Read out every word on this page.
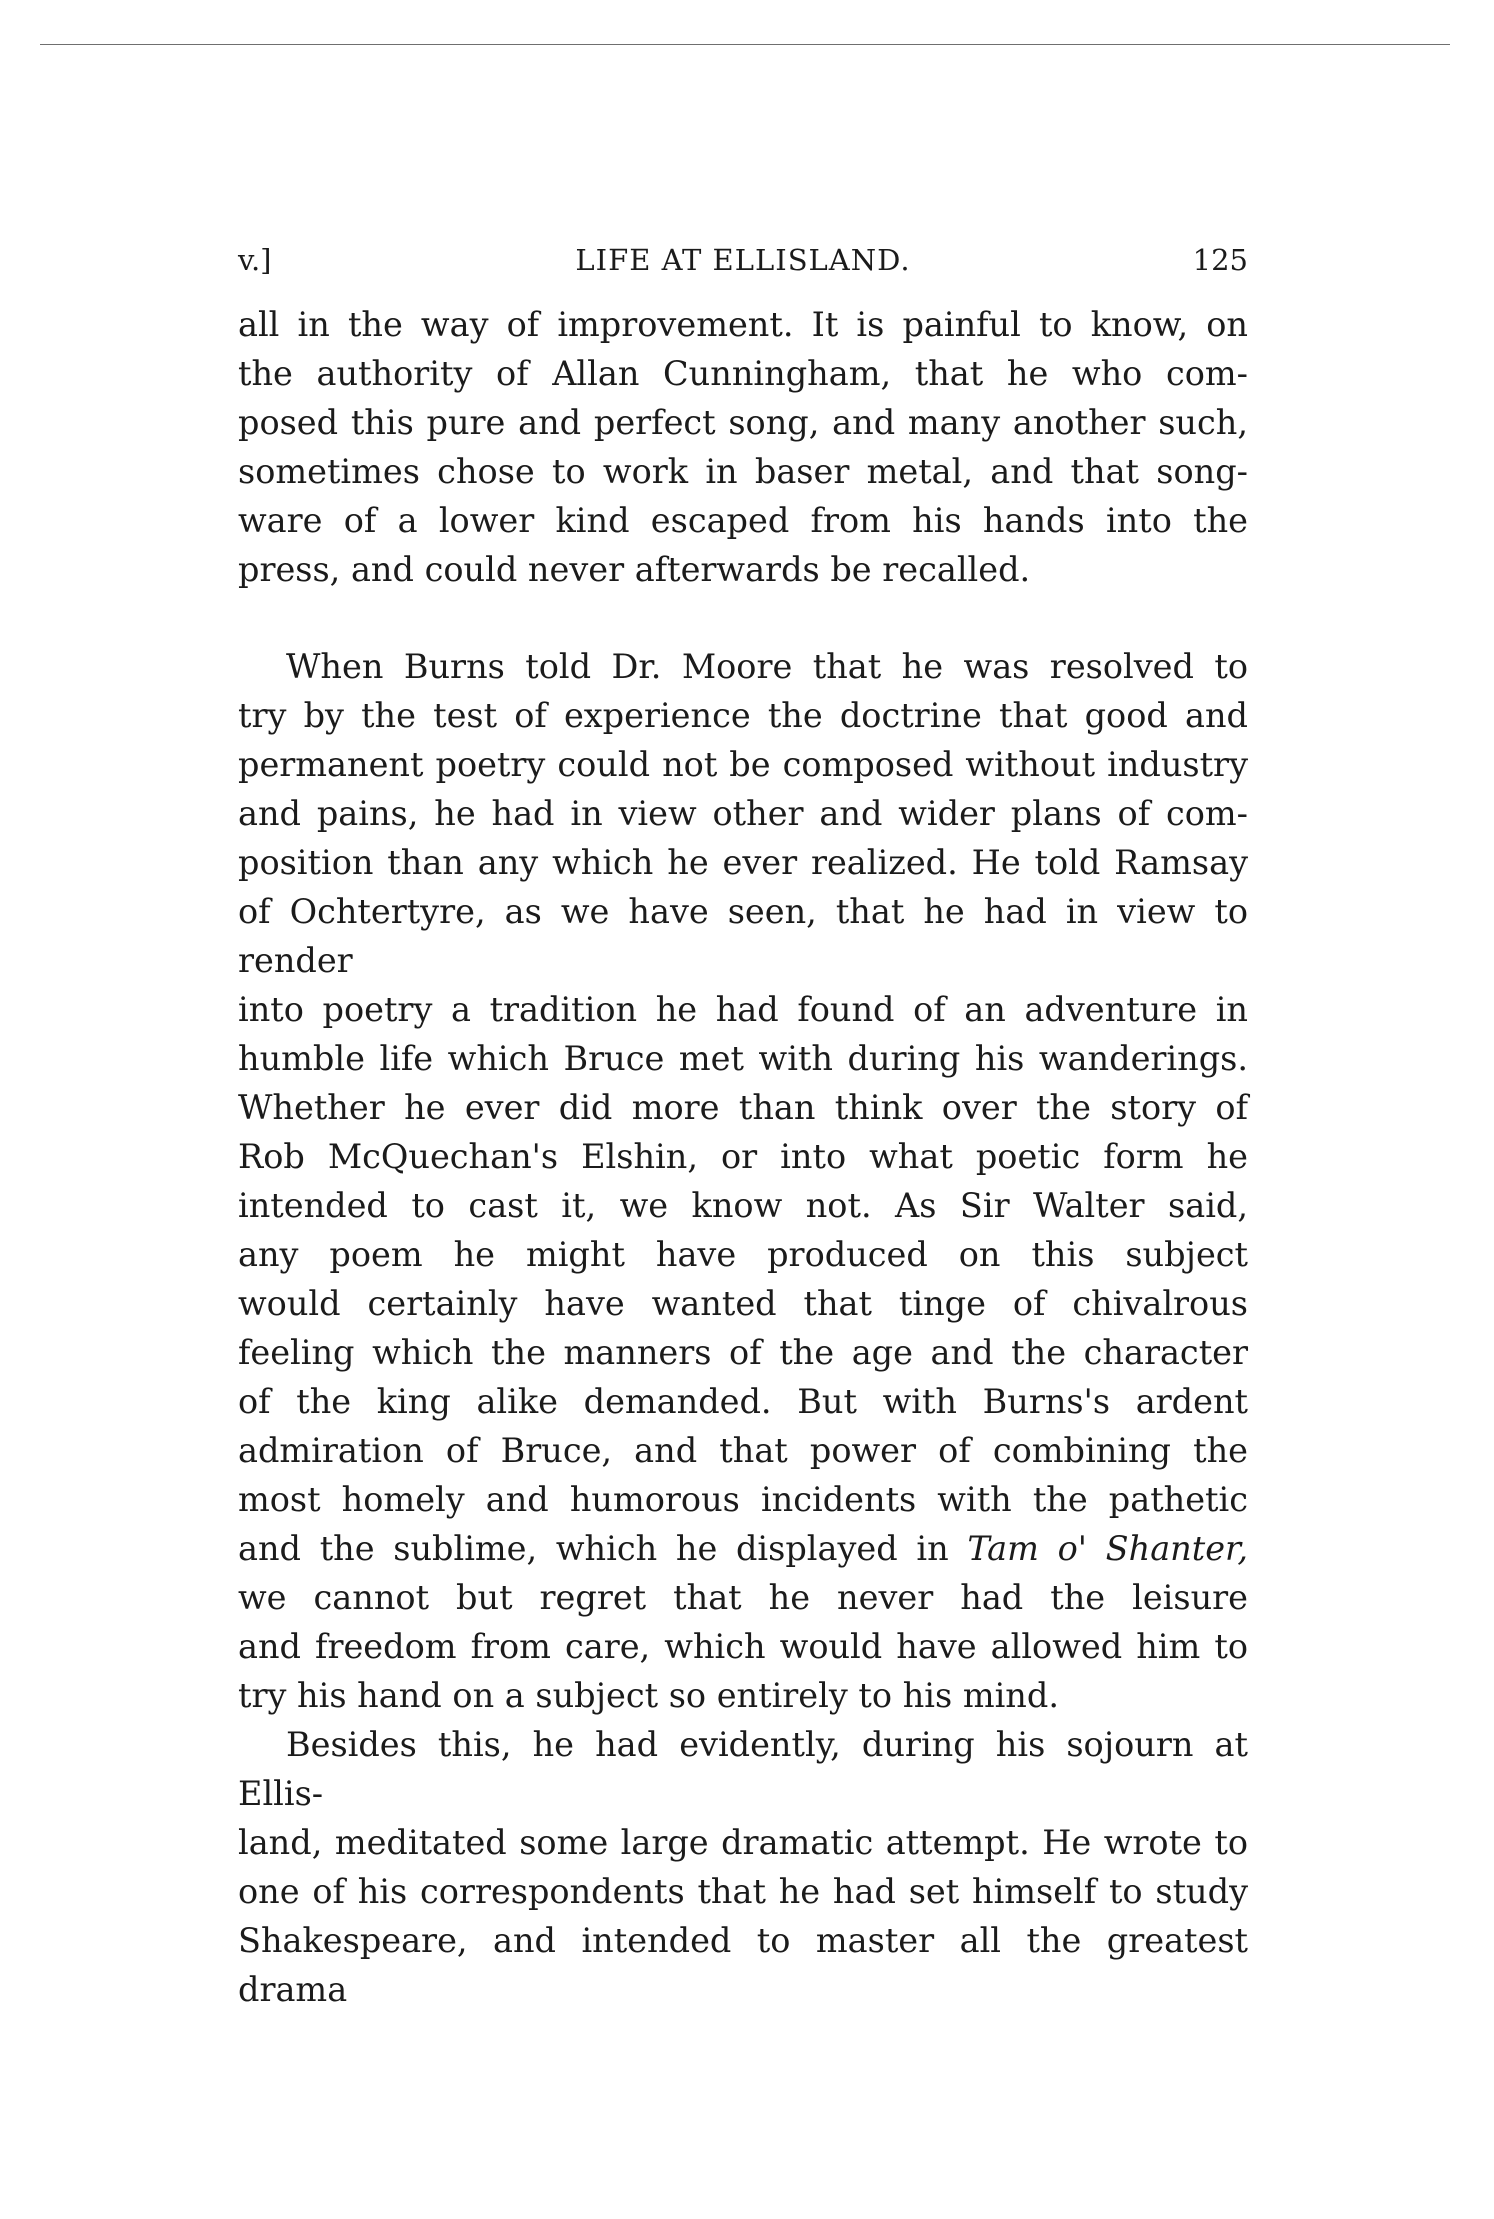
v.]	LIFE AT ELLISLAND.	125

all in the way of improvement. It is painful to know, on
the authority of Allan Cunningham, that he who com-
posed this pure and perfect song, and many another such,
sometimes chose to work in baser metal, and that song-
ware of a lower kind escaped from his hands into the
press, and could never afterwards be recalled.

When Burns told Dr. Moore that he was resolved to
try by the test of experience the doctrine that good and
permanent poetry could not be composed without industry
and pains, he had in view other and wider plans of com-
position than any which he ever realized. He told Ramsay
of Ochtertyre, as we have seen, that he had in view to render
into poetry a tradition he had found of an adventure in
humble life which Bruce met with during his wanderings.
Whether he ever did more than think over the story of
Rob McQuechan's Elshin, or into what poetic form he
intended to cast it, we know not. As Sir Walter said,
any poem he might have produced on this subject
would certainly have wanted that tinge of chivalrous
feeling which the manners of the age and the character
of the king alike demanded. But with Burns's ardent
admiration of Bruce, and that power of combining the
most homely and humorous incidents with the pathetic
and the sublime, which he displayed in Tam o' Shanter,
we cannot but regret that he never had the leisure
and freedom from care, which would have allowed him to
try his hand on a subject so entirely to his mind.

Besides this, he had evidently, during his sojourn at Ellis-
land, meditated some large dramatic attempt. He wrote to
one of his correspondents that he had set himself to study
Shakespeare, and intended to master all the greatest drama
